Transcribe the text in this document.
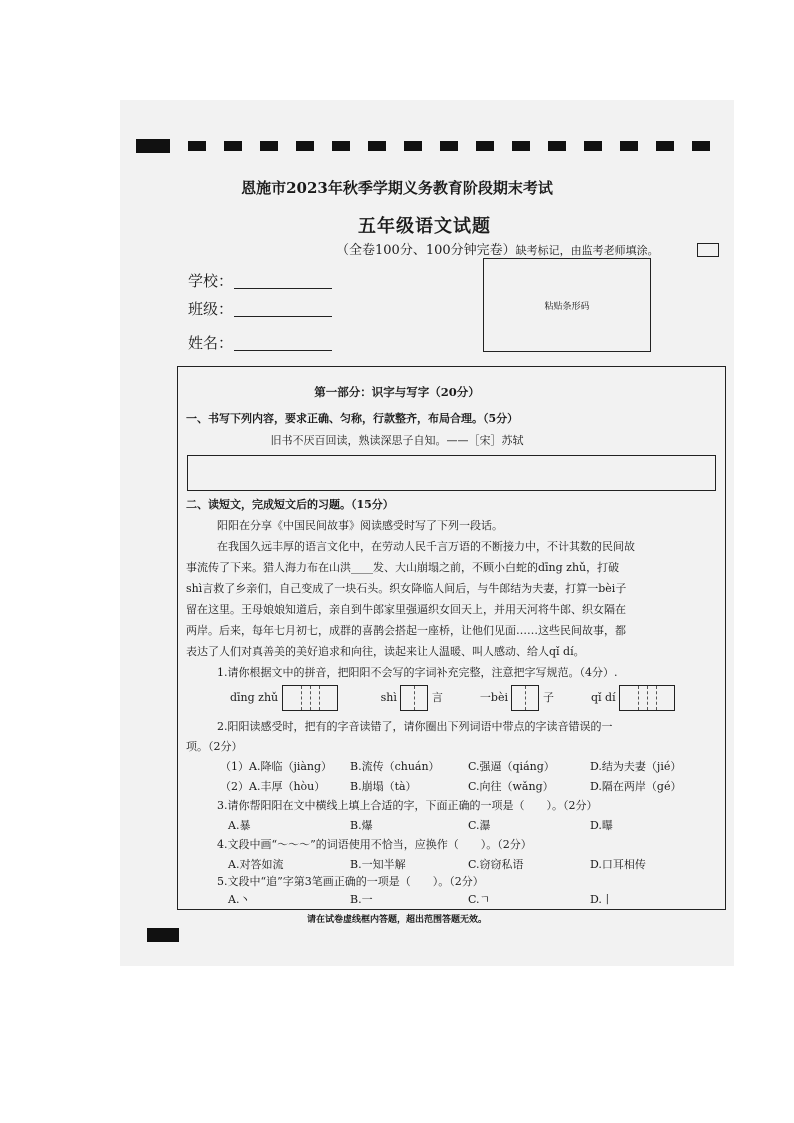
恩施市2023年秋季学期义务教育阶段期末考试
五年级语文试题
（全卷100分、100分钟完卷）缺考标记，由监考老师填涂。
学校：
班级：
姓名：
粘贴条形码
第一部分：识字与写字（20分）
一、书写下列内容，要求正确、匀称，行款整齐，布局合理。（5分）
旧书不厌百回读，熟读深思子自知。——［宋］苏轼
二、读短文，完成短文后的习题。（15分）
阳阳在分享《中国民间故事》阅读感受时写了下列一段话。
在我国久远丰厚的语言文化中，在劳动人民千言万语的不断接力中，不计其数的民间故
事流传了下来。猎人海力布在山洪____发、大山崩塌之前，不顾小白蛇的dīng zhǔ，打破
shì言救了乡亲们，自己变成了一块石头。织女降临人间后，与牛郎结为夫妻，打算一bèi子
留在这里。王母娘娘知道后，亲自到牛郎家里强逼织女回天上，并用天河将牛郎、织女隔在
两岸。后来，每年七月初七，成群的喜鹊会搭起一座桥，让他们见面……这些民间故事，都
表达了人们对真善美的美好追求和向往，读起来让人温暖、叫人感动、给人qǐ dí。
1.请你根据文中的拼音，把阳阳不会写的字词补充完整，注意把字写规范。（4分）.
dīng zhǔ	shì	言	一bèi	子	qǐ dí
2.阳阳读感受时，把有的字音读错了，请你圈出下列词语中带点的字读音错误的一
项。（2分）
（1）A.降临（jiàng） B.流传（chuán）	C.强逼（qiáng）	D.结为夫妻（jié）
（2）A.丰厚（hòu） B.崩塌（tà）	C.向往（wǎng）	D.隔在两岸（gé）
3.请你帮阳阳在文中横线上填上合适的字，下面正确的一项是（　　）。（2分）
A.暴	B.爆	C.瀑	D.曝
4.文段中画“～～～”的词语使用不恰当，应换作（　　）。（2分）
A.对答如流	B.一知半解	C.窃窃私语	D.口耳相传
5.文段中“追”字第3笔画正确的一项是（　　）。（2分）
A.丶	B.一	C.ㄱ	D.丨
请在试卷虚线框内答题，超出范围答题无效。
